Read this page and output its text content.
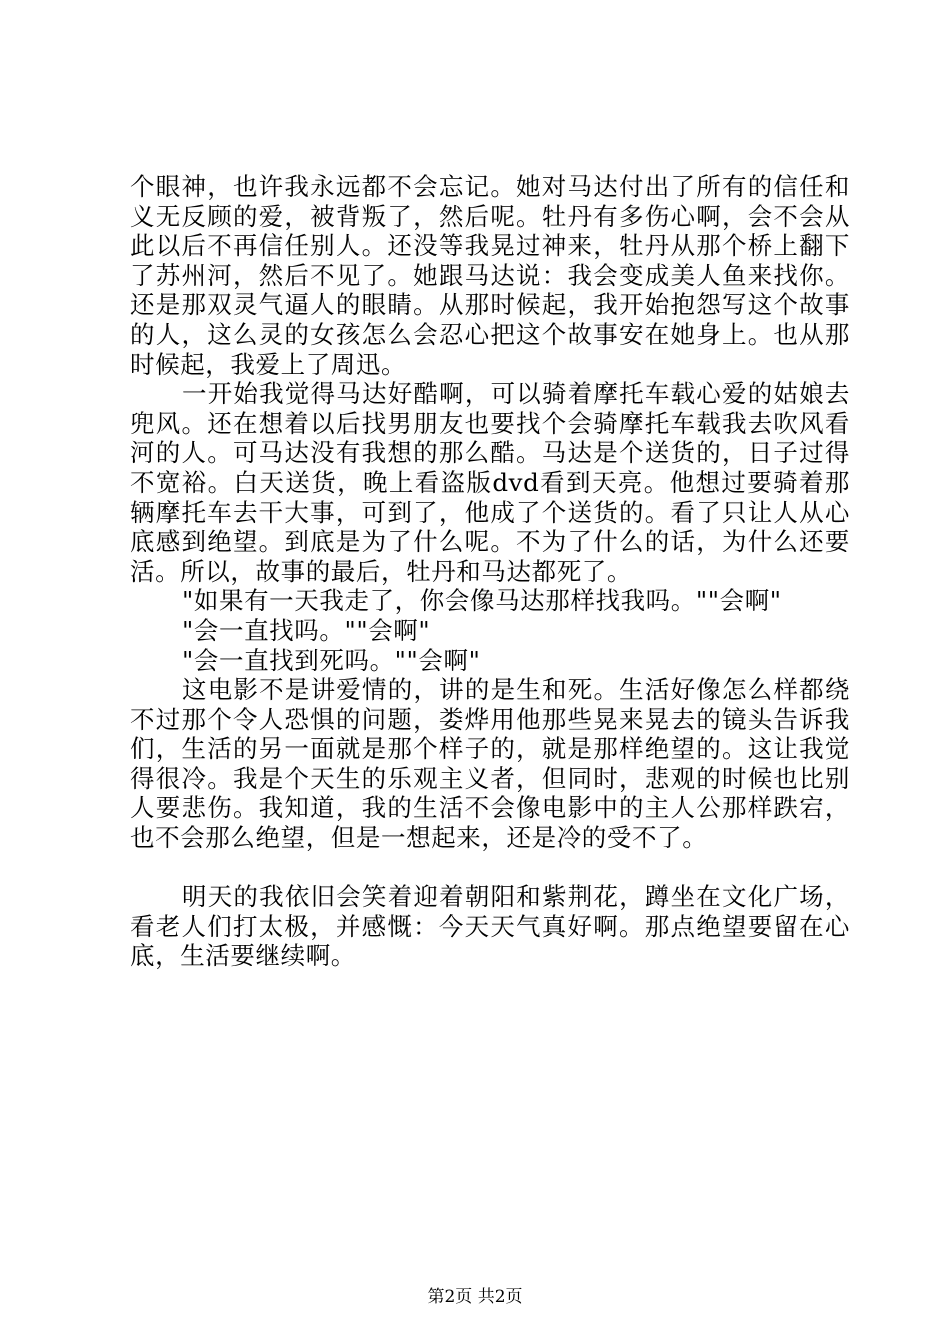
个眼神，也许我永远都不会忘记。她对马达付出了所有的信任和义无反顾的爱，被背叛了，然后呢。牡丹有多伤心啊，会不会从此以后不再信任别人。还没等我晃过神来，牡丹从那个桥上翻下了苏州河，然后不见了。她跟马达说：我会变成美人鱼来找你。还是那双灵气逼人的眼睛。从那时候起，我开始抱怨写这个故事的人，这么灵的女孩怎么会忍心把这个故事安在她身上。也从那时候起，我爱上了周迅。

一开始我觉得马达好酷啊，可以骑着摩托车载心爱的姑娘去兜风。还在想着以后找男朋友也要找个会骑摩托车载我去吹风看河的人。可马达没有我想的那么酷。马达是个送货的，日子过得不宽裕。白天送货，晚上看盗版dvd看到天亮。他想过要骑着那辆摩托车去干大事，可到了，他成了个送货的。看了只让人从心底感到绝望。到底是为了什么呢。不为了什么的话，为什么还要活。所以，故事的最后，牡丹和马达都死了。

"如果有一天我走了，你会像马达那样找我吗。""会啊"

"会一直找吗。""会啊"

"会一直找到死吗。""会啊"

这电影不是讲爱情的，讲的是生和死。生活好像怎么样都绕不过那个令人恐惧的问题，娄烨用他那些晃来晃去的镜头告诉我们，生活的另一面就是那个样子的，就是那样绝望的。这让我觉得很冷。我是个天生的乐观主义者，但同时，悲观的时候也比别人要悲伤。我知道，我的生活不会像电影中的主人公那样跌宕，也不会那么绝望，但是一想起来，还是冷的受不了。

明天的我依旧会笑着迎着朝阳和紫荆花，蹲坐在文化广场，看老人们打太极，并感慨：今天天气真好啊。那点绝望要留在心底，生活要继续啊。

第2页 共2页
